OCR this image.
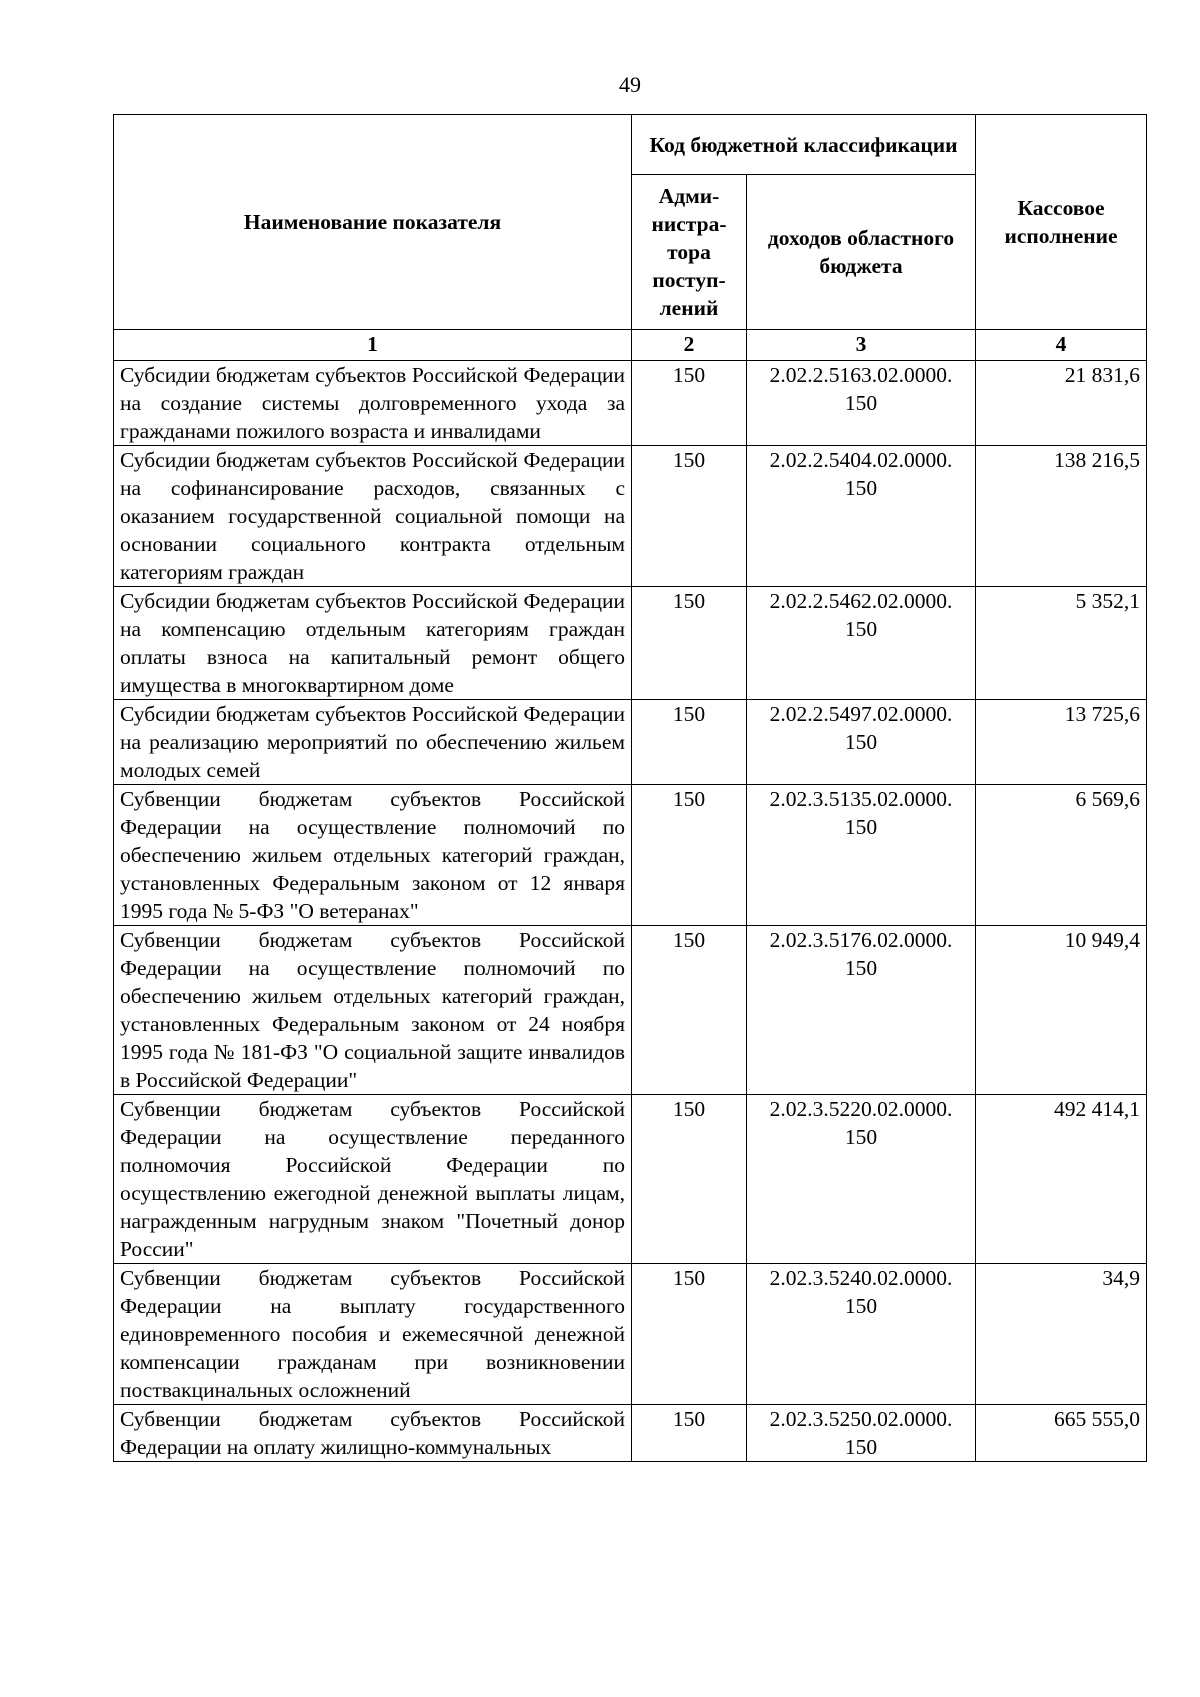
49
Наименование показателя	Код бюджетной классификации		Кассовое исполнение
	Адми-нистра-тора поступ-лений	доходов областного бюджета	
1	2	3	4
Субсидии бюджетам субъектов Российской Федерации на создание системы долговременного ухода за гражданами пожилого возраста и инвалидами	150	2.02.2.5163.02.0000. 150	21 831,6
Субсидии бюджетам субъектов Российской Федерации на софинансирование расходов, связанных с оказанием государственной социальной помощи на основании социального контракта отдельным категориям граждан	150	2.02.2.5404.02.0000. 150	138 216,5
Субсидии бюджетам субъектов Российской Федерации на компенсацию отдельным категориям граждан оплаты взноса на капитальный ремонт общего имущества в многоквартирном доме	150	2.02.2.5462.02.0000. 150	5 352,1
Субсидии бюджетам субъектов Российской Федерации на реализацию мероприятий по обеспечению жильем молодых семей	150	2.02.2.5497.02.0000. 150	13 725,6
Субвенции бюджетам субъектов Российской Федерации на осуществление полномочий по обеспечению жильем отдельных категорий граждан, установленных Федеральным законом от 12 января 1995 года № 5-ФЗ "О ветеранах"	150	2.02.3.5135.02.0000. 150	6 569,6
Субвенции бюджетам субъектов Российской Федерации на осуществление полномочий по обеспечению жильем отдельных категорий граждан, установленных Федеральным законом от 24 ноября 1995 года № 181-ФЗ "О социальной защите инвалидов в Российской Федерации"	150	2.02.3.5176.02.0000. 150	10 949,4
Субвенции бюджетам субъектов Российской Федерации на осуществление переданного полномочия Российской Федерации по осуществлению ежегодной денежной выплаты лицам, награжденным нагрудным знаком "Почетный донор России"	150	2.02.3.5220.02.0000. 150	492 414,1
Субвенции бюджетам субъектов Российской Федерации на выплату государственного единовременного пособия и ежемесячной денежной компенсации гражданам при возникновении поствакцинальных осложнений	150	2.02.3.5240.02.0000. 150	34,9
Субвенции бюджетам субъектов Российской Федерации на оплату жилищно-коммунальных	150	2.02.3.5250.02.0000. 150	665 555,0
